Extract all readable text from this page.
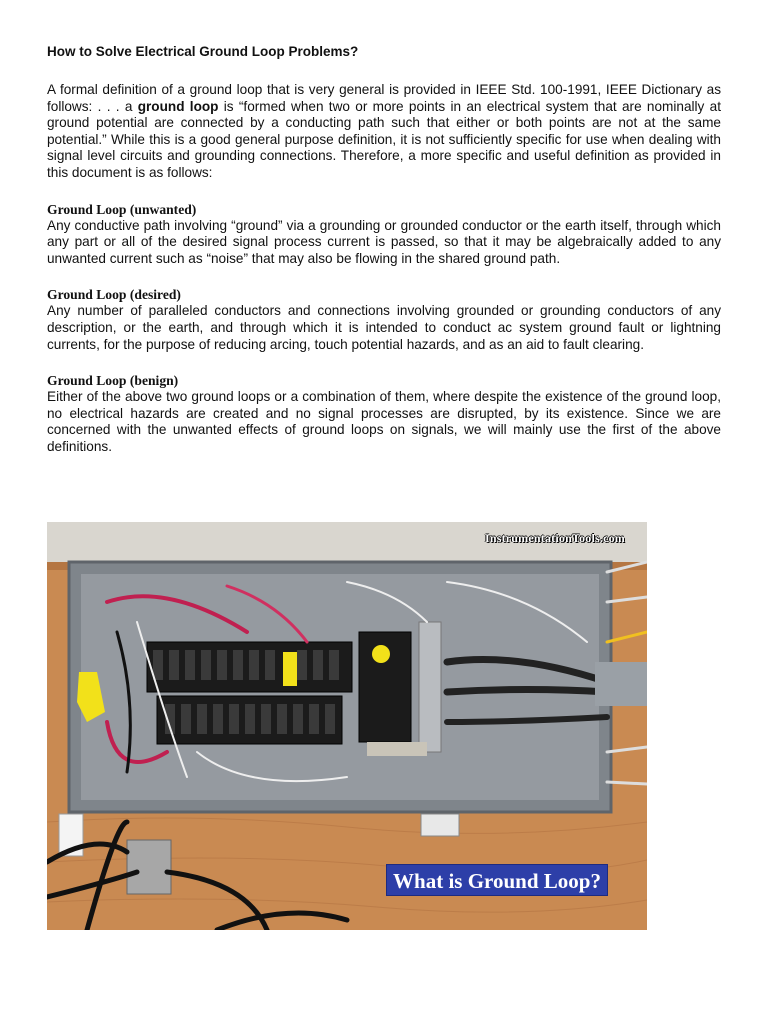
How to Solve Electrical Ground Loop Problems?

A formal definition of a ground loop that is very general is provided in IEEE Std. 100-1991, IEEE Dictionary as follows: . . . a ground loop is “formed when two or more points in an electrical system that are nominally at ground potential are connected by a conducting path such that either or both points are not at the same potential.” While this is a good general purpose definition, it is not sufficiently specific for use when dealing with signal level circuits and grounding connections. Therefore, a more specific and useful definition as provided in this document is as follows:

Ground Loop (unwanted)

Any conductive path involving “ground” via a grounding or grounded conductor or the earth itself, through which any part or all of the desired signal process current is passed, so that it may be algebraically added to any unwanted current such as “noise” that may also be flowing in the shared ground path.

Ground Loop (desired)

Any number of paralleled conductors and connections involving grounded or grounding conductors of any description, or the earth, and through which it is intended to conduct ac system ground fault or lightning currents, for the purpose of reducing arcing, touch potential hazards, and as an aid to fault clearing.

Ground Loop (benign)

Either of the above two ground loops or a combination of them, where despite the existence of the ground loop, no electrical hazards are created and no signal processes are disrupted, by its existence. Since we are concerned with the unwanted effects of ground loops on signals, we will mainly use the first of the above definitions.

InstrumentationTools.com
What is Ground Loop?
